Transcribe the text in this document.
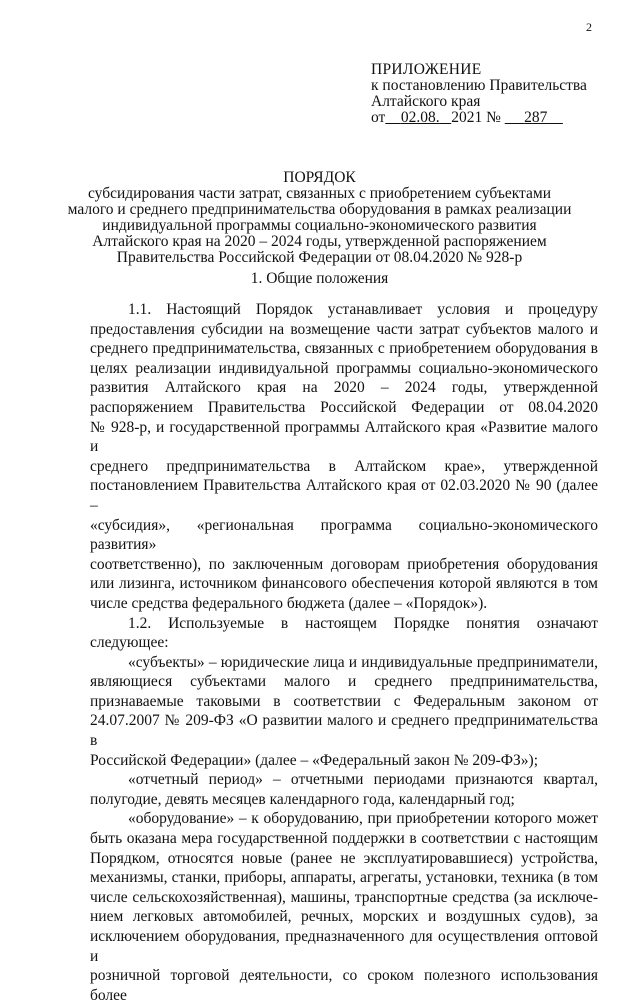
2
ПРИЛОЖЕНИЕ
к постановлению Правительства
Алтайского края
от 02.08. 2021 № 287
ПОРЯДОК
субсидирования части затрат, связанных с приобретением субъектами
малого и среднего предпринимательства оборудования в рамках реализации
индивидуальной программы социально-экономического развития
Алтайского края на 2020 – 2024 годы, утвержденной распоряжением
Правительства Российской Федерации от 08.04.2020 № 928-р
1. Общие положения

1.1. Настоящий Порядок устанавливает условия и процедуру
предоставления субсидии на возмещение части затрат субъектов малого и
среднего предпринимательства, связанных с приобретением оборудования в
целях реализации индивидуальной программы социально-экономического
развития Алтайского края на 2020 – 2024 годы, утвержденной
распоряжением Правительства Российской Федерации от 08.04.2020
№ 928-р, и государственной программы Алтайского края «Развитие малого и
среднего предпринимательства в Алтайском крае», утвержденной
постановлением Правительства Алтайского края от 02.03.2020 № 90 (далее –
«субсидия», «региональная программа социально-экономического развития»
соответственно), по заключенным договорам приобретения оборудования
или лизинга, источником финансового обеспечения которой являются в том
числе средства федерального бюджета (далее – «Порядок»).

1.2. Используемые в настоящем Порядке понятия означают
следующее:

«субъекты» – юридические лица и индивидуальные предприниматели,
являющиеся субъектами малого и среднего предпринимательства,
признаваемые таковыми в соответствии с Федеральным законом от
24.07.2007 № 209-ФЗ «О развитии малого и среднего предпринимательства в
Российской Федерации» (далее – «Федеральный закон № 209-ФЗ»);

«отчетный период» – отчетными периодами признаются квартал,
полугодие, девять месяцев календарного года, календарный год;

«оборудование» – к оборудованию, при приобретении которого может
быть оказана мера государственной поддержки в соответствии с настоящим
Порядком, относятся новые (ранее не эксплуатировавшиеся) устройства,
механизмы, станки, приборы, аппараты, агрегаты, установки, техника (в том
числе сельскохозяйственная), машины, транспортные средства (за исключе-
нием легковых автомобилей, речных, морских и воздушных судов), за
исключением оборудования, предназначенного для осуществления оптовой и
розничной торговой деятельности, со сроком полезного использования более
